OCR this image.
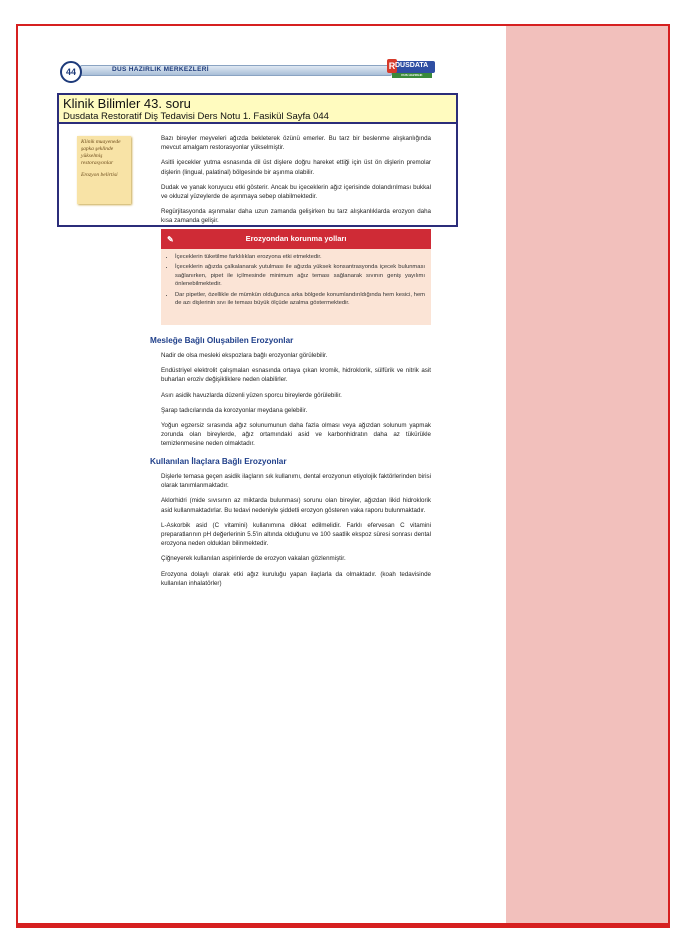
44	DUS HAZIRLIK MERKEZLERİ	R DUSDATA
DUS HAZIRLIK MERKEZLERİ
Klinik Bilimler 43. soru
Dusdata Restoratif Diş Tedavisi Ders Notu 1. Fasikül Sayfa 044
Klinik muayenede şapka şeklinde yükselmiş restorasyonlar
Erozyon belirtisi

Bazı bireyler meyveleri ağızda bekleterek özünü emerler. Bu tarz bir beslenme alışkanlığında mevcut amalgam restorasyonlar yükselmiştir.

Asitli içecekler yutma esnasında dil üst dişlere doğru hareket ettiği için üst ön dişlerin premolar dişlerin (lingual, palatinal) bölgesinde bir aşınma olabilir.

Dudak ve yanak koruyucu etki gösterir. Ancak bu içeceklerin ağız içerisinde dolandırılması bukkal ve okluzal yüzeylerde de aşınmaya sebep olabilmektedir.

Regürjitasyonda aşınmalar daha uzun zamanda gelişirken bu tarz alışkanlıklarda erozyon daha kısa zamanda gelişir.

✎	Erozyondan korunma yolları
• İçeceklerin tüketilme farklılıkları erozyona etki etmektedir.
• İçeceklerin ağızda çalkalanarak yutulması ile ağızda yüksek konsantrasyonda içecek bulunması sağlanırken, pipet ile içilmesinde minimum ağız teması sağlanarak sıvının geniş yayılımı önlenebilmektedir.
• Dar pipetler, özellikle de mümkün olduğunca arka bölgede konumlandırıldığında hem kesici, hem de azı dişlerinin sıvı ile teması büyük ölçüde azalma göstermektedir.
Mesleğe Bağlı Oluşabilen Erozyonlar

Nadir de olsa mesleki ekspozlara bağlı erozyonlar görülebilir.

Endüstriyel elektrolit çalışmaları esnasında ortaya çıkan kromik, hidroklorik, sülfürik ve nitrik asit buharları eroziv değişikliklere neden olabilirler.

Asırı asidik havuzlarda düzenli yüzen sporcu bireylerde görülebilir.

Şarap tadıcılarında da korozyonlar meydana gelebilir.

Yoğun egzersiz sırasında ağız solunumunun daha fazla olması veya ağızdan solunum yapmak zorunda olan bireylerde, ağız ortamındaki asid ve karbonhidratın daha az tükürükle temizlenmesine neden olmaktadır.

Kullanılan İlaçlara Bağlı Erozyonlar

Dişlerle temasa geçen asidik ilaçların sık kullanımı, dental erozyonun etiyolojik faktörlerinden birisi olarak tanımlanmaktadır.

Aklorhidri (mide sıvısının az miktarda bulunması) sorunu olan bireyler, ağızdan likid hidroklorik asid kullanmaktadırlar. Bu tedavi nedeniyle şiddetli erozyon gösteren vaka raporu bulunmaktadır.

L-Askorbik asid (C vitamini) kullanımına dikkat edilmelidir. Farklı efervesan C vitamini preparatlarının pH değerlerinin 5.5'in altında olduğunu ve 100 saatlik ekspoz süresi sonrası dental erozyona neden oldukları bilinmektedir.

Çiğneyerek kullanılan aspirinlerde de erozyon vakaları gözlenmiştir.

Erozyona dolaylı olarak etki ağız kuruluğu yapan ilaçlarla da olmaktadır. (koah tedavisinde kullanılan inhalatörler)
